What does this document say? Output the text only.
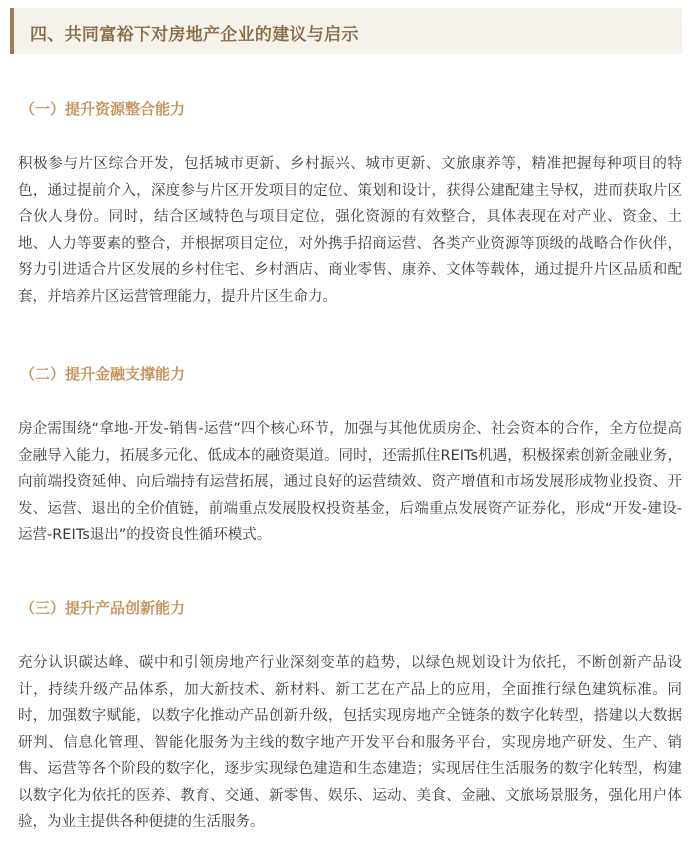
四、共同富裕下对房地产企业的建议与启示
（一）提升资源整合能力

积极参与片区综合开发，包括城市更新、乡村振兴、城市更新、文旅康养等，精准把握每种项目的特色，通过提前介入，深度参与片区开发项目的定位、策划和设计，获得公建配建主导权，进而获取片区合伙人身份。同时，结合区域特色与项目定位，强化资源的有效整合，具体表现在对产业、资金、土地、人力等要素的整合，并根据项目定位，对外携手招商运营、各类产业资源等顶级的战略合作伙伴，努力引进适合片区发展的乡村住宅、乡村酒店、商业零售、康养、文体等载体，通过提升片区品质和配套，并培养片区运营管理能力，提升片区生命力。

（二）提升金融支撑能力

房企需围绕“拿地-开发-销售-运营”四个核心环节，加强与其他优质房企、社会资本的合作，全方位提高金融导入能力，拓展多元化、低成本的融资渠道。同时，还需抓住REITs机遇，积极探索创新金融业务，向前端投资延伸、向后端持有运营拓展，通过良好的运营绩效、资产增值和市场发展形成物业投资、开发、运营、退出的全价值链，前端重点发展股权投资基金，后端重点发展资产证券化，形成“开发-建设-运营-REITs退出”的投资良性循环模式。

（三）提升产品创新能力

充分认识碳达峰、碳中和引领房地产行业深刻变革的趋势，以绿色规划设计为依托，不断创新产品设计，持续升级产品体系，加大新技术、新材料、新工艺在产品上的应用，全面推行绿色建筑标准。同时，加强数字赋能，以数字化推动产品创新升级，包括实现房地产全链条的数字化转型，搭建以大数据研判、信息化管理、智能化服务为主线的数字地产开发平台和服务平台，实现房地产研发、生产、销售、运营等各个阶段的数字化，逐步实现绿色建造和生态建造；实现居住生活服务的数字化转型，构建以数字化为依托的医养、教育、交通、新零售、娱乐、运动、美食、金融、文旅场景服务，强化用户体验，为业主提供各种便捷的生活服务。
